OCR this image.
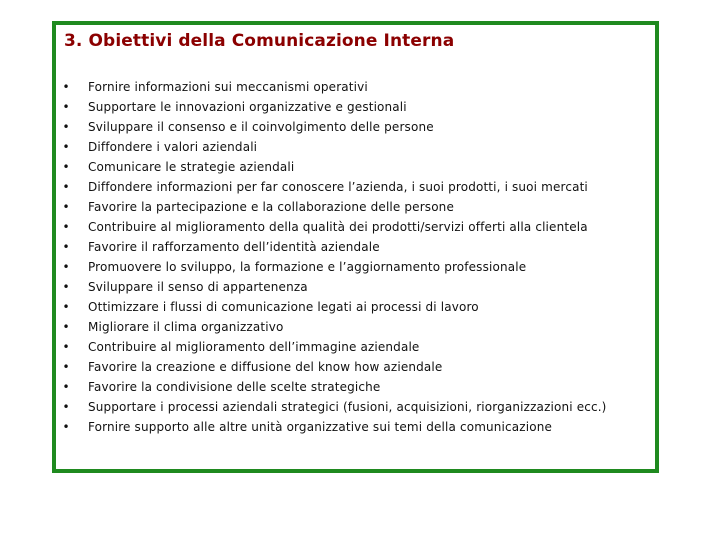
3. Obiettivi della Comunicazione Interna
• Fornire informazioni sui meccanismi operativi
• Supportare le innovazioni organizzative e gestionali
• Sviluppare il consenso e il coinvolgimento delle persone
• Diffondere i valori aziendali
• Comunicare le strategie aziendali
• Diffondere informazioni per far conoscere l’azienda, i suoi prodotti, i suoi mercati
• Favorire la partecipazione e la collaborazione delle persone
• Contribuire al miglioramento della qualità dei prodotti/servizi offerti alla clientela
• Favorire il rafforzamento dell’identità aziendale
• Promuovere lo sviluppo, la formazione e l’aggiornamento professionale
• Sviluppare il senso di appartenenza
• Ottimizzare i flussi di comunicazione legati ai processi di lavoro
• Migliorare il clima organizzativo
• Contribuire al miglioramento dell’immagine aziendale
• Favorire la creazione e diffusione del know how aziendale
• Favorire la condivisione delle scelte strategiche
• Supportare i processi aziendali strategici (fusioni, acquisizioni, riorganizzazioni ecc.)
• Fornire supporto alle altre unità organizzative sui temi della comunicazione
